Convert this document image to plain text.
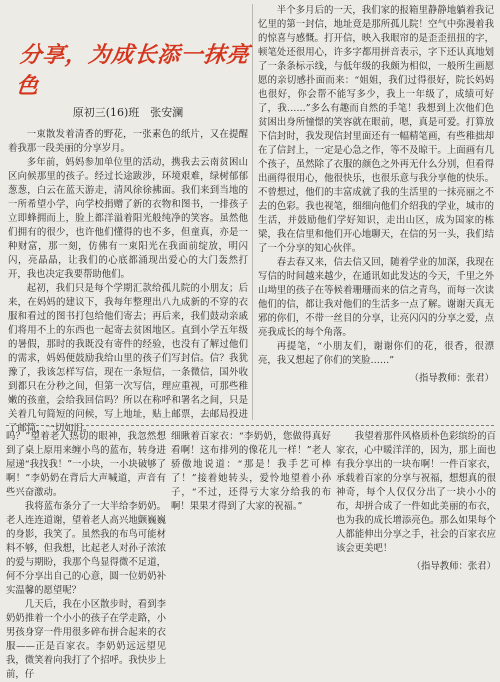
分享，为成长添一抹亮色
原初三(16)班　张安澜

一束散发着清香的野花，一张素色的纸片，又在提醒着我那一段美丽的分享岁月。

多年前，妈妈参加单位里的活动，携我去云南贫困山区向候那里的孩子。经过长途跋涉，环境艰难，绿树郁郁葱葱，白云在蓝天游走，清风徐徐拂面。我们来到当地的一所希望小学，向学校捐赠了新的衣物和图书，一排孩子立即蜂拥而上，脸上都洋溢着阳光般纯净的笑容。虽然他们拥有的很少，也许他们懂得的也不多，但童真，亦是一种财富，那一刻，仿佛有一束阳光在我面前绽放，明闪闪，亮晶晶，让我们的心底都涌现出爱心的大门轰然打开，我也决定我要帮助他们。

起初，我们只是每个学期汇款给孤儿院的小朋友；后来，在妈妈的建议下，我每年整理出八九成新的不穿的衣服和看过的图书打包给他们寄去；再后来，我们鼓动亲戚们将用不上的东西也一起寄去贫困地区。直到小学五年级的暑假，那时的我既没有寄件的经验，也没有了解过他们的需求，妈妈便鼓励我给山里的孩子们写封信。信？我犹豫了，我该怎样写信，现在一条短信，一条微信，国外收到都只在分秒之间，但第一次写信，理应重视，可那些稚嫩的孩童，会给我回信吗？所以在称呼和署名之间，只是关着几句简短的问候，写上地址，贴上邮票，去邮局投进了邮筒，一切如旧。

半个多月后的一天，我们家的报箱里静静地躺着我记忆里的第一封信，地址竟是那所孤儿院！空气中弥漫着我的惊喜与感慨。打开信，映入我眼帘的是歪歪扭扭的字，顿笔处还很用心，许多字都用拼音表示，字下还认真地划了一条条标示线，与低年级的我颇为相似，一般所生画愿愿的亲切感扑面而来：“姐姐，我们过得很好，院长妈妈也很好，你会帮不能写多少，我上一年级了，成绩可好了，我……”多么有趣而自然的手笔！我想到上次他们色贫困出身所憧憬的笑容就在眼前，嗯，真是可爱。打算放下信封时，我发现信封里面还有一幅精笔画，有些稚拙却在了信封上，一定是心急之作，等不及晾干。上面画有几个孩子，虽然除了衣服的颜色之外再无什么分别，但看得出画得很用心，他很快乐，也很乐意与我分享他的快乐。不曾想过，他们的丰富成就了我的生活里的一抹亮丽之不去的色彩。我也视笔，细细向他们介绍我的学业，城市的生活，并鼓励他们学好知识，走出山区，成为国家的栋梁，我在信里和他们开心地聊天，在信的另一头，我们结了一个分享的知心伙伴。

春去春又来，信去信又回，随着学业的加深，我现在写信的时间越来越少，在通讯如此发达的今天，千里之外山坳里的孩子在等候着珊珊而来的信之青鸟，而每一次读他们的信，都让我对他们的生活多一点了解。谢谢天真无邪的你们，不带一丝目的分享，让亮闪闪的分享之爱，点亮我成长的每个角落。

再提笔，“小朋友们，谢谢你们的花，很香，很漂亮，我又想起了你们的笑脸……”

（指导教师：张君）

吗？”望着老人热切的眼神，我忽然想到了桌上原用来缠小鸟的蓝布，转身进屋递“我找我！”一小块，一小块破够了啊！”李奶奶在背后大声喊道，声音有些兴奋激动。

我将蓝布条分了一大半给李奶奶。老人连连道谢，望着老人高兴地颤巍巍的身影，我笑了。虽然我的布鸟可能材料不够，但我想，比起老人对孙子浓浓的爱与期盼，我那个鸟显得微不足道，何不分享出自己的心意，圆一位奶奶补实温馨的愿望呢？

几天后，我在小区散步时，看到李奶奶推着一个小小的孩子在学走路，小男孩身穿一件用很多碎布拼合起来的衣服——正是百家衣。李奶奶远远望见我，微笑着向我打了个招呼。我快步上前，仔

细瞅着百家衣：“李奶奶，您做得真好看啊！这布排列的像花儿一样！”老人骄傲地说道：“那是！我手艺可棒了！”接着她转头，爱怜地望着小孙子，“不过，还得亏大家分给我的布啊！果果才得到了大家的祝福。”

我望着那件风格质朴色彩缤纷的百家衣，心中暖洋洋的，因为，那上面也有我分享出的一块布啊！一件百家衣，承载着百家的分享与祝福，想想真的很神奇，每个人仅仅分出了一块小小的布，却拼合成了一件如此美丽的布衣，也为我的成长增添亮色。那么如果每个人都能伸出分享之手，社会的百家衣应该会更美吧！

（指导教师：张君）
